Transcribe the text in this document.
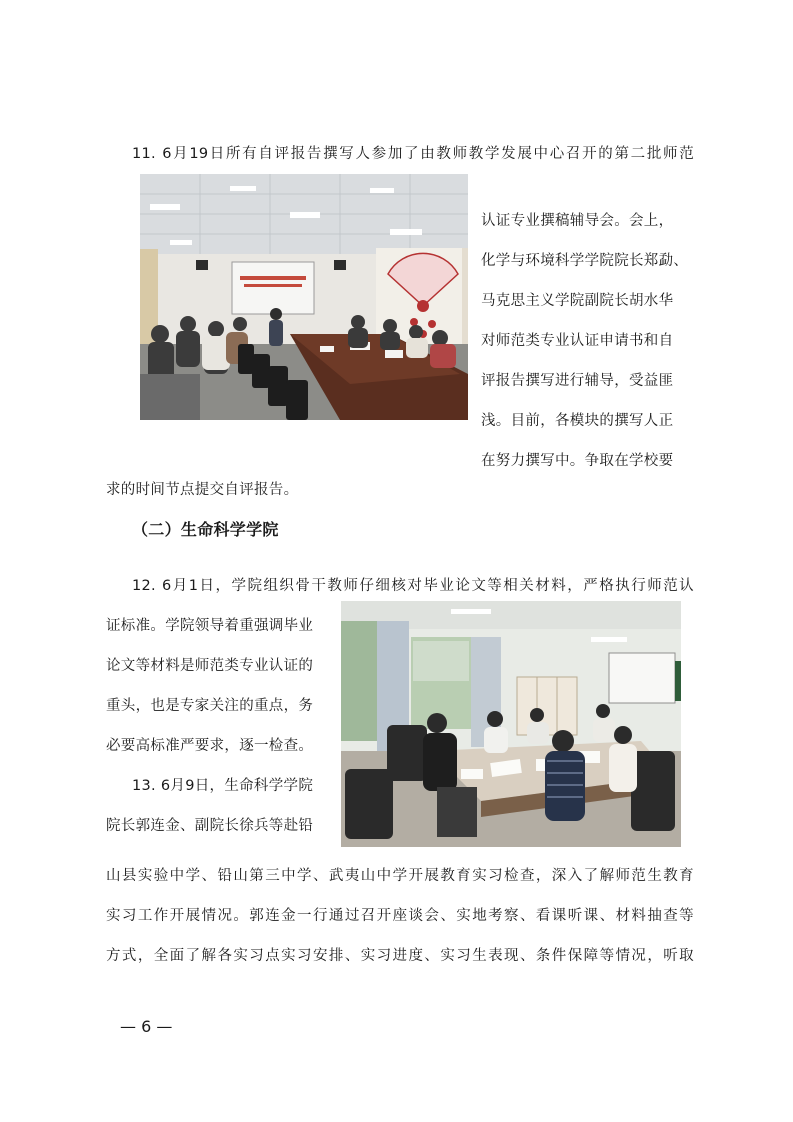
11. 6月19日所有自评报告撰写人参加了由教师教学发展中心召开的第二批师范
认证专业撰稿辅导会。会上，
化学与环境科学学院院长郑勐、
马克思主义学院副院长胡水华
对师范类专业认证申请书和自
评报告撰写进行辅导，受益匪
浅。目前，各模块的撰写人正
在努力撰写中。争取在学校要
求的时间节点提交自评报告。
（二）生命科学学院
12. 6月1日，学院组织骨干教师仔细核对毕业论文等相关材料，严格执行师范认
证标准。学院领导着重强调毕业
论文等材料是师范类专业认证的
重头，也是专家关注的重点，务
必要高标准严要求，逐一检查。
13. 6月9日，生命科学学院
院长郭连金、副院长徐兵等赴铅
山县实验中学、铅山第三中学、武夷山中学开展教育实习检查，深入了解师范生教育
实习工作开展情况。郭连金一行通过召开座谈会、实地考察、看课听课、材料抽查等
方式，全面了解各实习点实习安排、实习进度、实习生表现、条件保障等情况，听取
— 6 —
